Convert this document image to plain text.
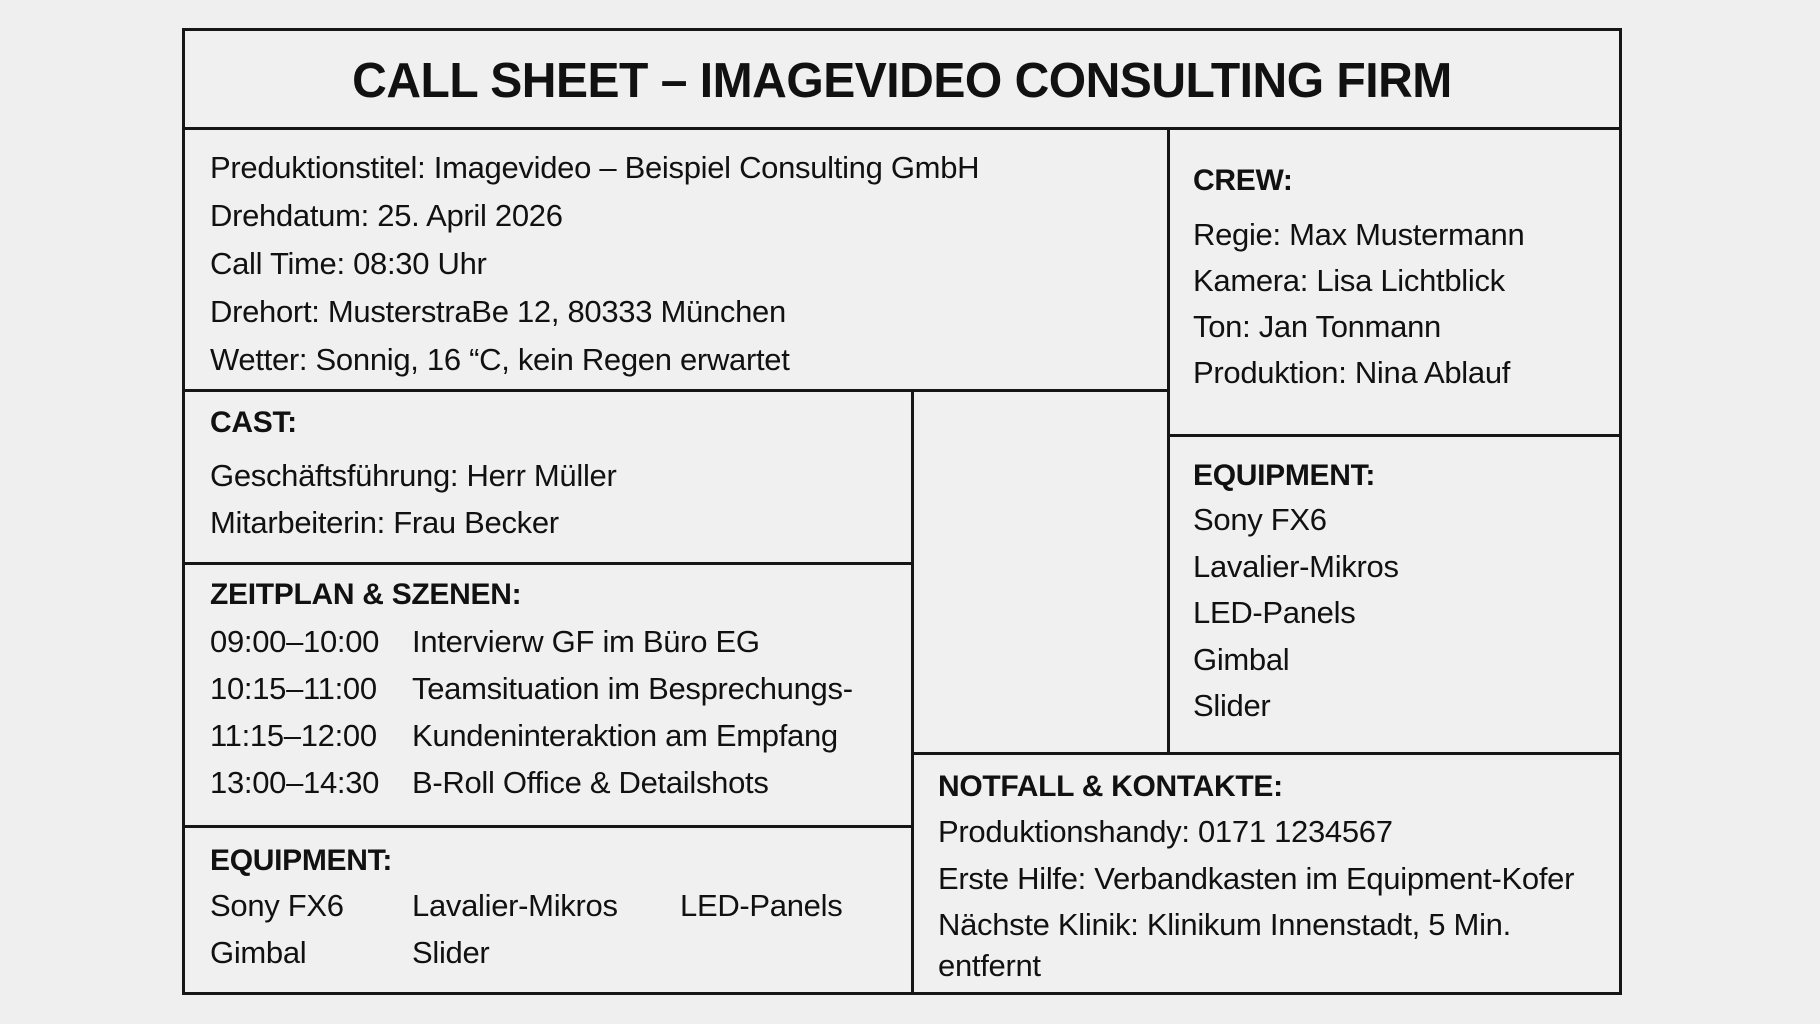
CALL SHEET – IMAGEVIDEO CONSULTING FIRM
Preduktionstitel: Imagevideo – Beispiel Consulting GmbH
Drehdatum: 25. April 2026
Call Time: 08:30 Uhr
Drehort: MusterstraBe 12, 80333 München
Wetter: Sonnig, 16 “C, kein Regen erwartet
CREW:
Regie: Max Mustermann
Kamera: Lisa Lichtblick
Ton: Jan Tonmann
Produktion: Nina Ablauf
CAST:
Geschäftsführung: Herr Müller
Mitarbeiterin: Frau Becker
ZEITPLAN & SZENEN:
09:00–10:00	Intervierw GF im Büro EG
10:15–11:00	Teamsituation im Besprechungs-
11:15–12:00	Kundeninteraktion am Empfang
13:00–14:30	B-Roll Office & Detailshots
EQUIPMENT:
Sony FX6	Lavalier-Mikros	LED-Panels
Gimbal	Slider
EQUIPMENT:
Sony FX6
Lavalier-Mikros
LED-Panels
Gimbal
Slider
NOTFALL & KONTAKTE:
Produktionshandy: 0171 1234567
Erste Hilfe: Verbandkasten im Equipment-Kofer
Nächste Klinik: Klinikum Innenstadt, 5 Min.
entfernt
